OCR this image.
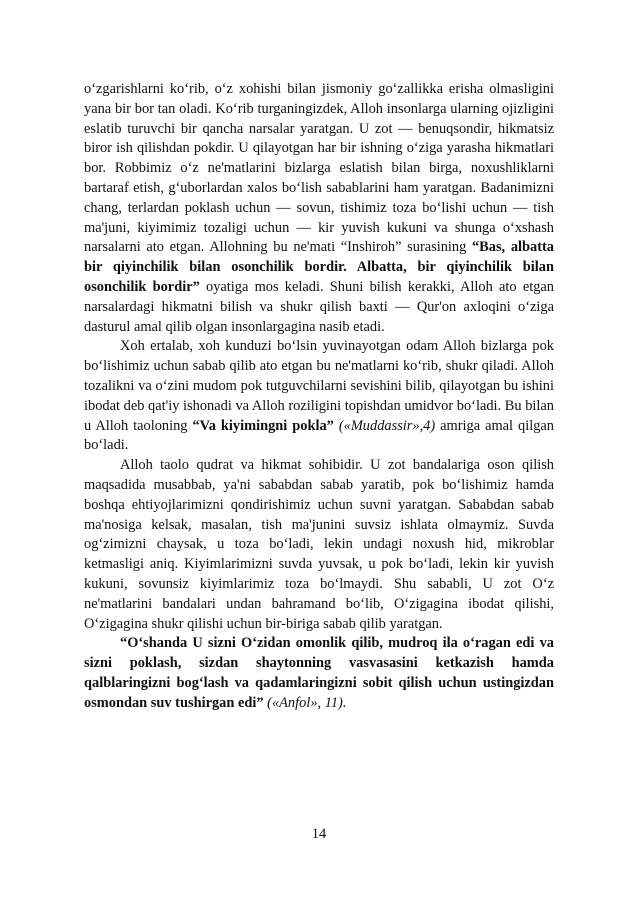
o‘zgarishlarni ko‘rib, o‘z xohishi bilan jismoniy go‘zallikka erisha olmasligini yana bir bor tan oladi. Ko‘rib turganingizdek, Alloh insonlarga ularning ojizligini eslatib turuvchi bir qancha narsalar yaratgan. U zot — benuqsondir, hikmatsiz biror ish qilishdan pokdir. U qilayotgan har bir ishning o‘ziga yarasha hikmatlari bor. Robbimiz o‘z ne'matlarini bizlarga eslatish bilan birga, noxushliklarni bartaraf etish, g‘uborlardan xalos bo‘lish sabablarini ham yaratgan. Badanimizni chang, terlardan poklash uchun — sovun, tishimiz toza bo‘lishi uchun — tish ma'juni, kiyimimiz tozaligi uchun — kir yuvish kukuni va shunga o‘xshash narsalarni ato etgan. Allohning bu ne'mati “Inshiroh” surasining “Bas, albatta bir qiyinchilik bilan osonchilik bordir. Albatta, bir qiyinchilik bilan osonchilik bordir” oyatiga mos keladi. Shuni bilish kerakki, Alloh ato etgan narsalardagi hikmatni bilish va shukr qilish baxti — Qur'on axloqini o‘ziga dasturul amal qilib olgan insonlargagina nasib etadi.

Xoh ertalab, xoh kunduzi bo‘lsin yuvinayotgan odam Alloh bizlarga pok bo‘lishimiz uchun sabab qilib ato etgan bu ne'matlarni ko‘rib, shukr qiladi. Alloh tozalikni va o‘zini mudom pok tutguvchilarni sevishini bilib, qilayotgan bu ishini ibodat deb qat'iy ishonadi va Alloh roziligini topishdan umidvor bo‘ladi. Bu bilan u Alloh taoloning “Va kiyimingni pokla” («Muddassir»,4) amriga amal qilgan bo‘ladi.

Alloh taolo qudrat va hikmat sohibidir. U zot bandalariga oson qilish maqsadida musabbab, ya'ni sababdan sabab yaratib, pok bo‘lishimiz hamda boshqa ehtiyojlarimizni qondirishimiz uchun suvni yaratgan. Sababdan sabab ma'nosiga kelsak, masalan, tish ma'junini suvsiz ishlata olmaymiz. Suvda og‘zimizni chaysak, u toza bo‘ladi, lekin undagi noxush hid, mikroblar ketmasligi aniq. Kiyimlarimizni suvda yuvsak, u pok bo‘ladi, lekin kir yuvish kukuni, sovunsiz kiyimlarimiz toza bo‘lmaydi. Shu sababli, U zot O‘z ne'matlarini bandalari undan bahramand bo‘lib, O‘zigagina ibodat qilishi, O‘zigagina shukr qilishi uchun bir-biriga sabab qilib yaratgan.

“O‘shanda U sizni O‘zidan omonlik qilib, mudroq ila o‘ragan edi va sizni poklash, sizdan shaytonning vasvasasini ketkazish hamda qalblaringizni bog‘lash va qadamlaringizni sobit qilish uchun ustingizdan osmondan suv tushirgan edi” («Anfol», 11).

14
